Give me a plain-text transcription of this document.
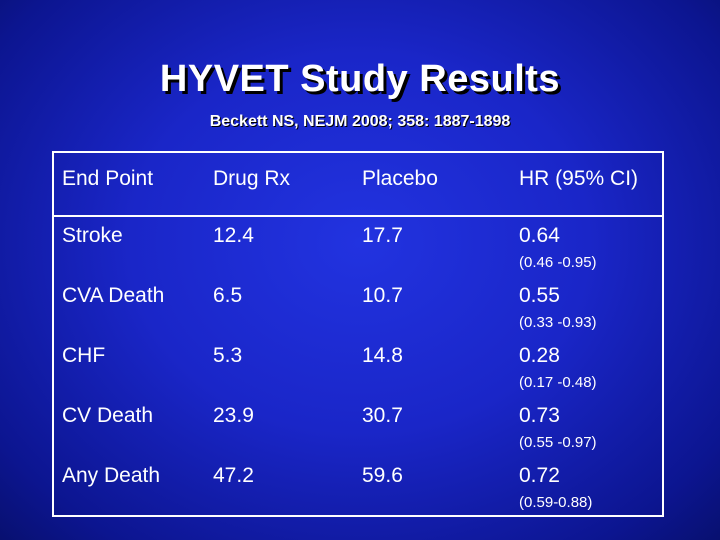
HYVET Study Results
Beckett NS, NEJM 2008; 358: 1887-1898
End Point	Drug Rx	Placebo	HR (95% CI)
Stroke	12.4	17.7	0.64
(0.46 -0.95)
CVA Death 6.5	10.7	0.55
(0.33 -0.93)
CHF	5.3	14.8	0.28
(0.17 -0.48)
CV Death	23.9	30.7	0.73
(0.55 -0.97)
Any Death	47.2	59.6	0.72
(0.59-0.88)
